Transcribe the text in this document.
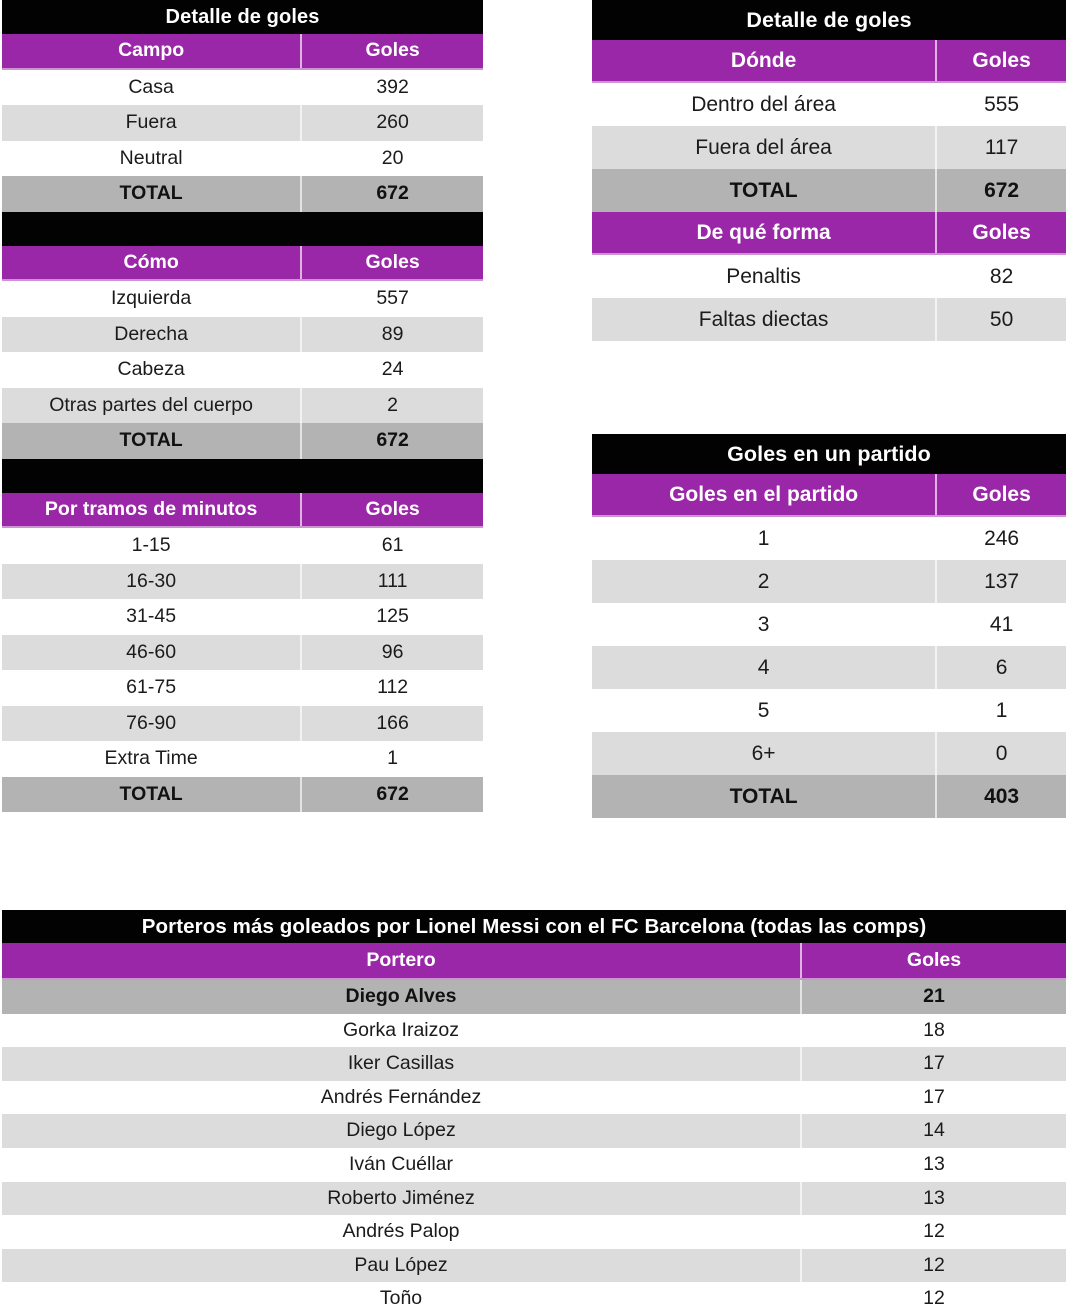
Detalle de goles
Campo	Goles
Casa	392
Fuera	260
Neutral	20
TOTAL	672
Cómo	Goles
Izquierda	557
Derecha	89
Cabeza	24
Otras partes del cuerpo	2
TOTAL	672
Por tramos de minutos	Goles
1-15	61
16-30	111
31-45	125
46-60	96
61-75	112
76-90	166
Extra Time	1
TOTAL	672
Detalle de goles
Dónde	Goles
Dentro del área	555
Fuera del área	117
TOTAL	672
De qué forma	Goles
Penaltis	82
Faltas diectas	50
Goles en un partido
Goles en el partido	Goles
1	246
2	137
3	41
4	6
5	1
6+	0
TOTAL	403
Porteros más goleados por Lionel Messi con el FC Barcelona (todas las comps)
Portero	Goles
Diego Alves	21
Gorka Iraizoz	18
Iker Casillas	17
Andrés Fernández	17
Diego López	14
Iván Cuéllar	13
Roberto Jiménez	13
Andrés Palop	12
Pau López	12
Toño	12
